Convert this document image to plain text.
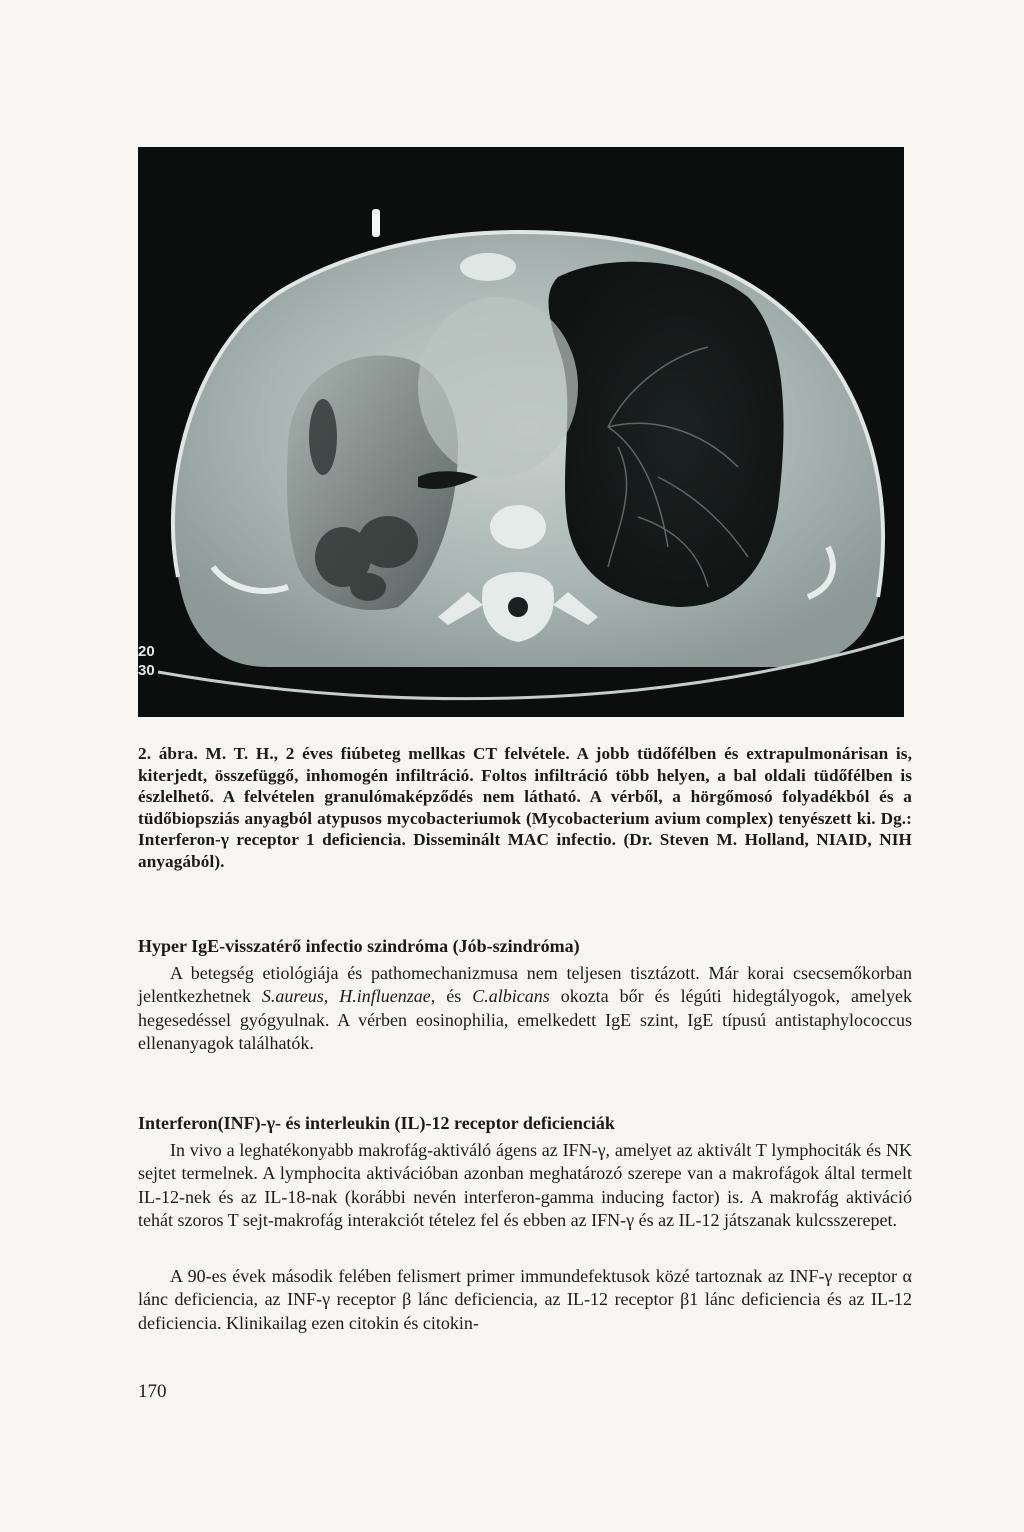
20
30
2. ábra. M. T. H., 2 éves fiúbeteg mellkas CT felvétele. A jobb tüdőfélben és extrapulmonárisan is, kiterjedt, összefüggő, inhomogén infiltráció. Foltos infiltráció több helyen, a bal oldali tüdőfélben is észlelhető. A felvételen granulómaképződés nem látható. A vérből, a hörgőmosó folyadékból és a tüdőbiopsziás anyagból atypusos mycobacteriumok (Mycobacterium avium complex) tenyészett ki. Dg.: Interferon-γ receptor 1 deficiencia. Disseminált MAC infectio. (Dr. Steven M. Holland, NIAID, NIH anyagából).
Hyper IgE-visszatérő infectio szindróma (Jób-szindróma)
A betegség etiológiája és pathomechanizmusa nem teljesen tisztázott. Már korai csecsemőkorban jelentkezhetnek S.aureus, H.influenzae, és C.albicans okozta bőr és légúti hidegtályogok, amelyek hegesedéssel gyógyulnak. A vérben eosinophilia, emelkedett IgE szint, IgE típusú antistaphylococcus ellenanyagok találhatók.
Interferon(INF)-γ- és interleukin (IL)-12 receptor deficienciák
In vivo a leghatékonyabb makrofág-aktiváló ágens az IFN-γ, amelyet az aktivált T lymphociták és NK sejtet termelnek. A lymphocita aktivációban azonban meghatározó szerepe van a makrofágok által termelt IL-12-nek és az IL-18-nak (korábbi nevén interferon-gamma inducing factor) is. A makrofág aktiváció tehát szoros T sejt-makrofág interakciót tételez fel és ebben az IFN-γ és az IL-12 játszanak kulcsszerepet.
A 90-es évek második felében felismert primer immundefektusok közé tartoznak az INF-γ receptor α lánc deficiencia, az INF-γ receptor β lánc deficiencia, az IL-12 receptor β1 lánc deficiencia és az IL-12 deficiencia. Klinikailag ezen citokin és citokin-
170
